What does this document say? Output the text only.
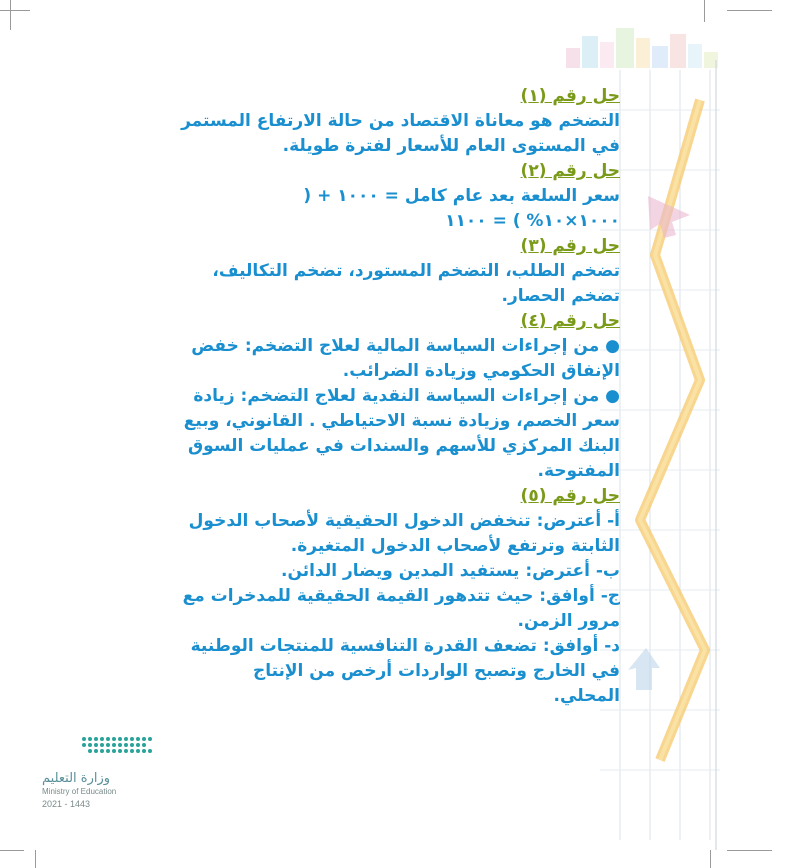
حل رقم (١)
التضخم هو معاناة الاقتصاد من حالة الارتفاع المستمر
في المستوى العام للأسعار لفترة طويلة.
حل رقم (٢)
سعر السلعة بعد عام كامل = ١٠٠٠ + (
١٠٠٠×١٠% ) = ١١٠٠
حل رقم (٣)
تضخم الطلب، التضخم المستورد، تضخم التكاليف،
تضخم الحصار.
حل رقم (٤)
● من إجراءات السياسة المالية لعلاج التضخم: خفض
الإنفاق الحكومي وزيادة الضرائب.
● من إجراءات السياسة النقدية لعلاج التضخم: زيادة
سعر الخصم، وزيادة نسبة الاحتياطي . القانوني، وبيع
البنك المركزي للأسهم والسندات في عمليات السوق
المفتوحة.
حل رقم (٥)
أ- أعترض: تنخفض الدخول الحقيقية لأصحاب الدخول
الثابتة وترتفع لأصحاب الدخول المتغيرة.
ب- أعترض: يستفيد المدين ويضار الدائن.
ج- أوافق: حيث تتدهور القيمة الحقيقية للمدخرات مع
مرور الزمن.
د- أوافق: تضعف القدرة التنافسية للمنتجات الوطنية
في الخارج وتصبح الواردات أرخص من الإنتاج
المحلي.
وزارة التعليم
Ministry of Education
2021 - 1443
